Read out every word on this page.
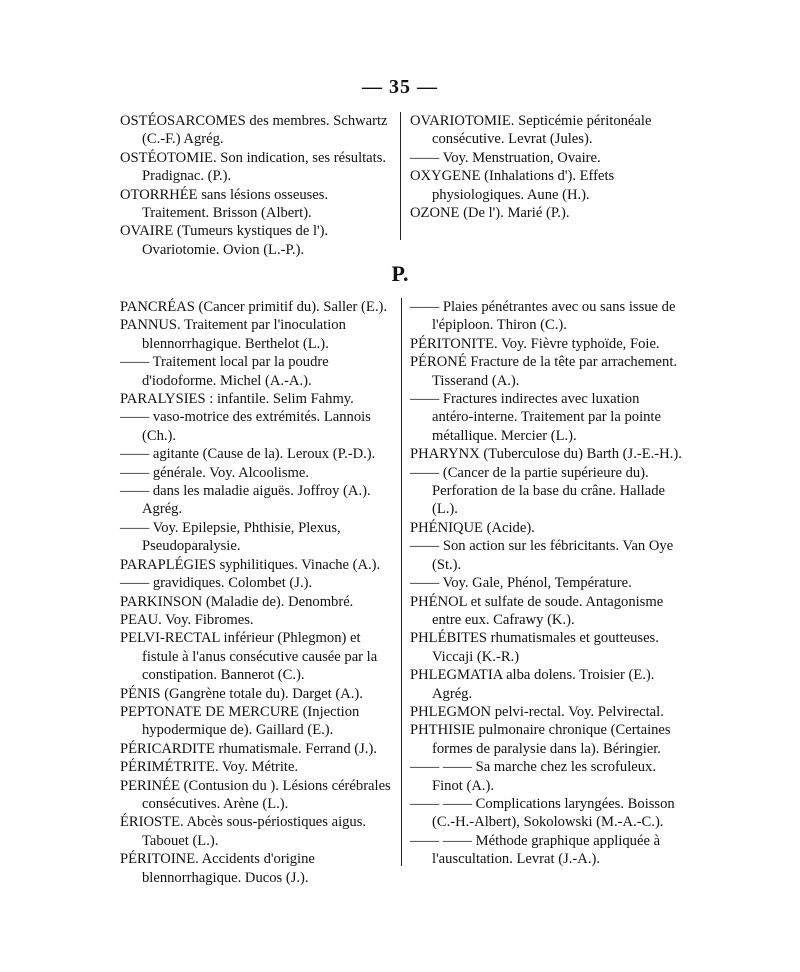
— 35 —

OSTÉOSARCOMES des membres. Schwartz (C.-F.) Agrég.

OSTÉOTOMIE. Son indication, ses résultats. Pradignac. (P.).

OTORRHÉE sans lésions osseuses. Traitement. Brisson (Albert).

OVAIRE (Tumeurs kystiques de l'). Ovariotomie. Ovion (L.-P.).

OVARIOTOMIE. Septicémie péritonéale consécutive. Levrat (Jules).

—— Voy. Menstruation, Ovaire.

OXYGENE (Inhalations d'). Effets physiologiques. Aune (H.).

OZONE (De l'). Marié (P.).

P.

PANCRÉAS (Cancer primitif du). Saller (E.).

PANNUS. Traitement par l'inoculation blennorrhagique. Berthelot (L.).

—— Traitement local par la poudre d'iodoforme. Michel (A.-A.).

PARALYSIES : infantile. Selim Fahmy.

—— vaso-motrice des extrémités. Lannois (Ch.).

—— agitante (Cause de la). Leroux (P.-D.).

—— générale. Voy. Alcoolisme.

—— dans les maladie aiguës. Joffroy (A.). Agrég.

—— Voy. Epilepsie, Phthisie, Plexus, Pseudoparalysie.

PARAPLÉGIES syphilitiques. Vinache (A.).

—— gravidiques. Colombet (J.).

PARKINSON (Maladie de). Denombré.

PEAU. Voy. Fibromes.

PELVI-RECTAL inférieur (Phlegmon) et fistule à l'anus consécutive causée par la constipation. Bannerot (C.).

PÉNIS (Gangrène totale du). Darget (A.).

PEPTONATE DE MERCURE (Injection hypodermique de). Gaillard (E.).

PÉRICARDITE rhumatismale. Ferrand (J.).

PÉRIMÉTRITE. Voy. Métrite.

PERINÉE (Contusion du ). Lésions cérébrales consécutives. Arène (L.).

ÉRIOSTE. Abcès sous-périostiques aigus. Tabouet (L.).

PÉRITOINE. Accidents d'origine blennorrhagique. Ducos (J.).

—— Plaies pénétrantes avec ou sans issue de l'épiploon. Thiron (C.).

PÉRITONITE. Voy. Fièvre typhoïde, Foie.

PÉRONÉ Fracture de la tête par arrachement. Tisserand (A.).

—— Fractures indirectes avec luxation antéro-interne. Traitement par la pointe métallique. Mercier (L.).

PHARYNX (Tuberculose du) Barth (J.-E.-H.).

—— (Cancer de la partie supérieure du). Perforation de la base du crâne. Hallade (L.).

PHÉNIQUE (Acide).

—— Son action sur les fébricitants. Van Oye (St.).

—— Voy. Gale, Phénol, Température.

PHÉNOL et sulfate de soude. Antagonisme entre eux. Cafrawy (K.).

PHLÉBITES rhumatismales et goutteuses. Viccaji (K.-R.)

PHLEGMATIA alba dolens. Troisier (E.). Agrég.

PHLEGMON pelvi-rectal. Voy. Pelvirectal.

PHTHISIE pulmonaire chronique (Certaines formes de paralysie dans la). Béringier.

—— —— Sa marche chez les scrofuleux. Finot (A.).

—— —— Complications laryngées. Boisson (C.-H.-Albert), Sokolowski (M.-A.-C.).

—— —— Méthode graphique appliquée à l'auscultation. Levrat (J.-A.).
